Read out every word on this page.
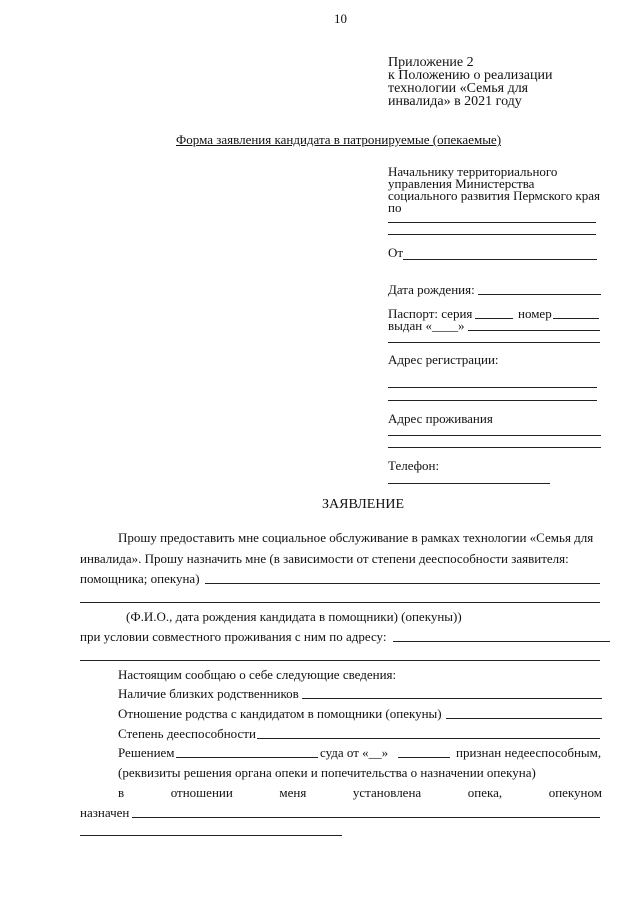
10
Приложение 2
к Положению о реализации
технологии «Семья для
инвалида» в 2021 году
Форма заявления кандидата в патронируемые (опекаемые)
Начальнику территориального
управления Министерства
социального развития Пермского края
по
От
Дата рождения:
Паспорт: серия	номер
выдан «____»
Адрес регистрации:
Адрес проживания
Телефон:
ЗАЯВЛЕНИЕ
Прошу предоставить мне социальное обслуживание в рамках технологии «Семья для
инвалида». Прошу назначить мне (в зависимости от степени дееспособности заявителя:
помощника; опекуна)
(Ф.И.О., дата рождения кандидата в помощники) (опекуны))
при условии совместного проживания с ним по адресу:
Настоящим сообщаю о себе следующие сведения:
Наличие близких родственников
Отношение родства с кандидатом в помощники (опекуны)
Степень дееспособности
Решением	суда от «__»	признан недееспособным,
(реквизиты решения органа опеки и попечительства о назначении опекуна)
в	отношении	меня	установлена	опека,	опекуном
назначен
